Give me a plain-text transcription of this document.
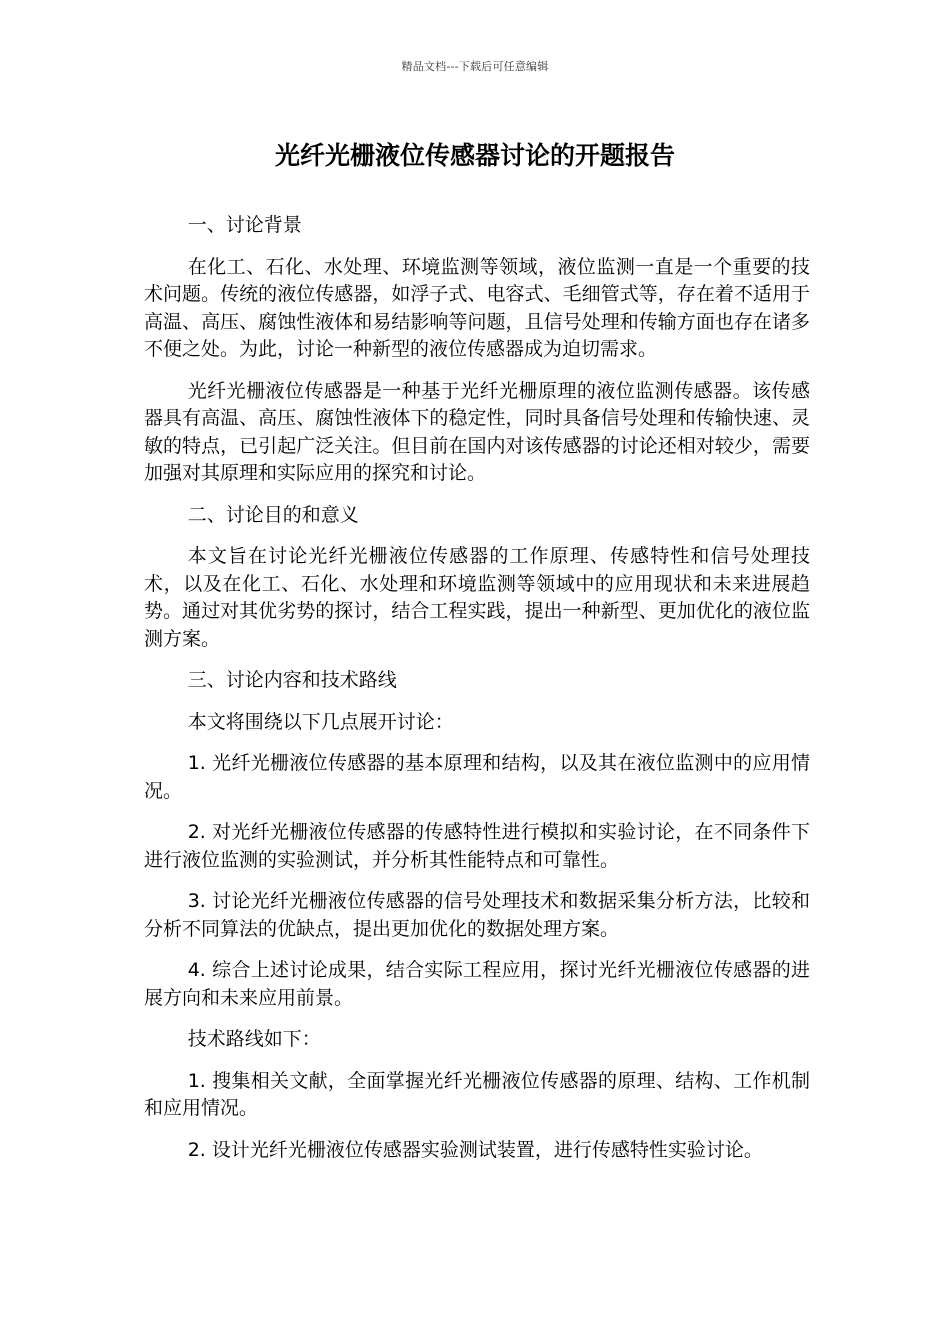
精品文档---下载后可任意编辑
光纤光栅液位传感器讨论的开题报告

一、讨论背景

在化工、石化、水处理、环境监测等领域，液位监测一直是一个重要的技术问题。传统的液位传感器，如浮子式、电容式、毛细管式等，存在着不适用于高温、高压、腐蚀性液体和易结影响等问题，且信号处理和传输方面也存在诸多不便之处。为此，讨论一种新型的液位传感器成为迫切需求。

光纤光栅液位传感器是一种基于光纤光栅原理的液位监测传感器。该传感器具有高温、高压、腐蚀性液体下的稳定性，同时具备信号处理和传输快速、灵敏的特点，已引起广泛关注。但目前在国内对该传感器的讨论还相对较少，需要加强对其原理和实际应用的探究和讨论。

二、讨论目的和意义

本文旨在讨论光纤光栅液位传感器的工作原理、传感特性和信号处理技术，以及在化工、石化、水处理和环境监测等领域中的应用现状和未来进展趋势。通过对其优劣势的探讨，结合工程实践，提出一种新型、更加优化的液位监测方案。

三、讨论内容和技术路线

本文将围绕以下几点展开讨论：

1. 光纤光栅液位传感器的基本原理和结构，以及其在液位监测中的应用情况。

2. 对光纤光栅液位传感器的传感特性进行模拟和实验讨论，在不同条件下进行液位监测的实验测试，并分析其性能特点和可靠性。

3. 讨论光纤光栅液位传感器的信号处理技术和数据采集分析方法，比较和分析不同算法的优缺点，提出更加优化的数据处理方案。

4. 综合上述讨论成果，结合实际工程应用，探讨光纤光栅液位传感器的进展方向和未来应用前景。

技术路线如下：

1. 搜集相关文献，全面掌握光纤光栅液位传感器的原理、结构、工作机制和应用情况。

2. 设计光纤光栅液位传感器实验测试装置，进行传感特性实验讨论。
